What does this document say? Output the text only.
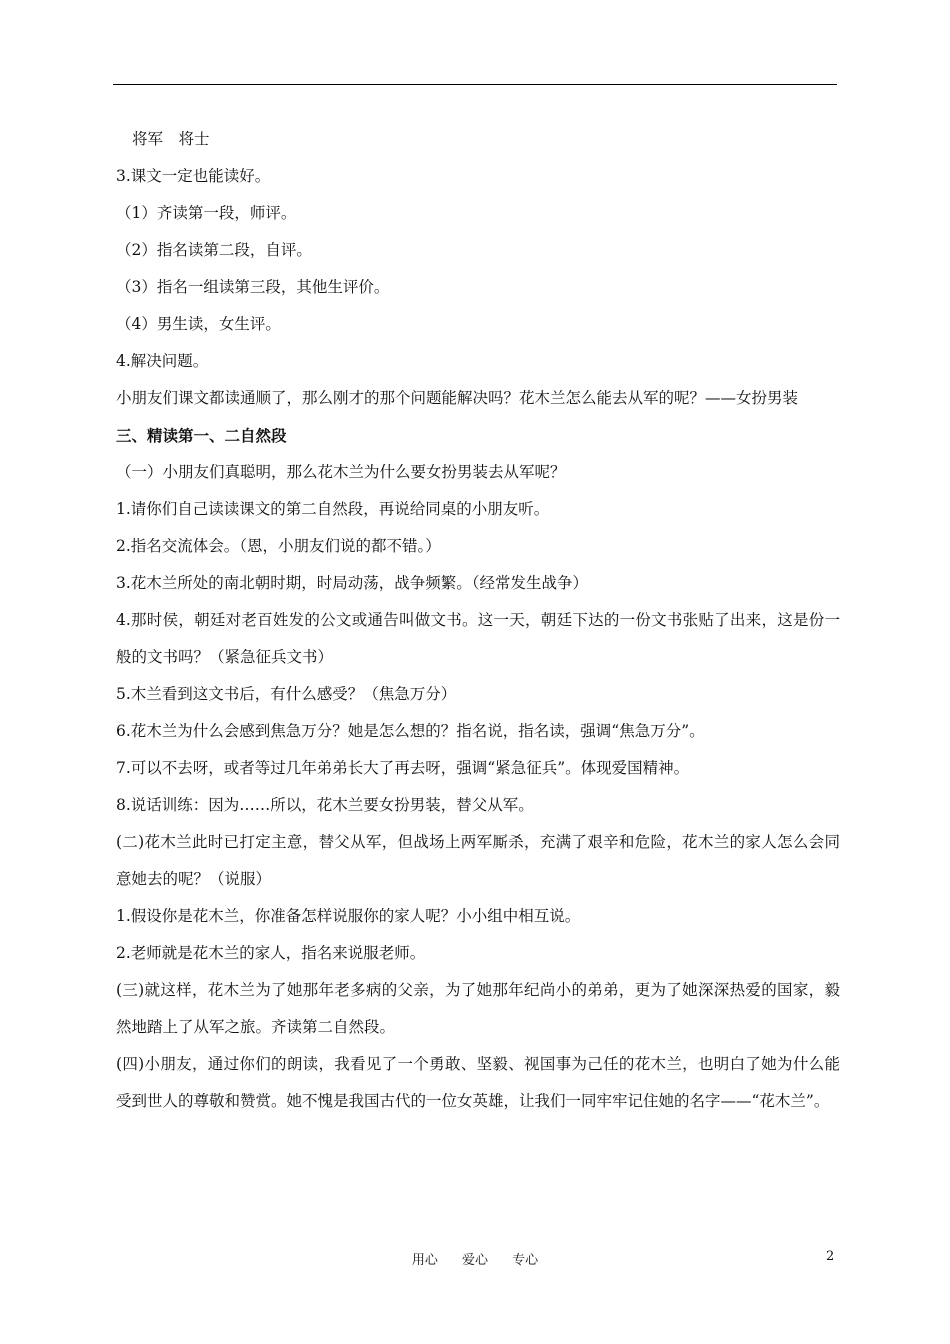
将军　将士

3.课文一定也能读好。

（1）齐读第一段，师评。

（2）指名读第二段，自评。

（3）指名一组读第三段，其他生评价。

（4）男生读，女生评。

4.解决问题。

小朋友们课文都读通顺了，那么刚才的那个问题能解决吗？花木兰怎么能去从军的呢？——女扮男装

三、精读第一、二自然段

（一）小朋友们真聪明，那么花木兰为什么要女扮男装去从军呢？

1.请你们自己读读课文的第二自然段，再说给同桌的小朋友听。

2.指名交流体会。（恩，小朋友们说的都不错。）

3.花木兰所处的南北朝时期，时局动荡，战争频繁。（经常发生战争）

4.那时侯，朝廷对老百姓发的公文或通告叫做文书。这一天，朝廷下达的一份文书张贴了出来，这是份一般的文书吗？（紧急征兵文书）

5.木兰看到这文书后，有什么感受？（焦急万分）

6.花木兰为什么会感到焦急万分？她是怎么想的？指名说，指名读，强调“焦急万分”。

7.可以不去呀，或者等过几年弟弟长大了再去呀，强调“紧急征兵”。体现爱国精神。

8.说话训练：因为……所以，花木兰要女扮男装，替父从军。

(二)花木兰此时已打定主意，替父从军，但战场上两军厮杀，充满了艰辛和危险，花木兰的家人怎么会同意她去的呢？（说服）

1.假设你是花木兰，你准备怎样说服你的家人呢？小小组中相互说。

2.老师就是花木兰的家人，指名来说服老师。

(三)就这样，花木兰为了她那年老多病的父亲，为了她那年纪尚小的弟弟，更为了她深深热爱的国家，毅然地踏上了从军之旅。齐读第二自然段。

(四)小朋友，通过你们的朗读，我看见了一个勇敢、坚毅、视国事为己任的花木兰，也明白了她为什么能受到世人的尊敬和赞赏。她不愧是我国古代的一位女英雄，让我们一同牢牢记住她的名字——“花木兰”。

用心 爱心 专心	2
